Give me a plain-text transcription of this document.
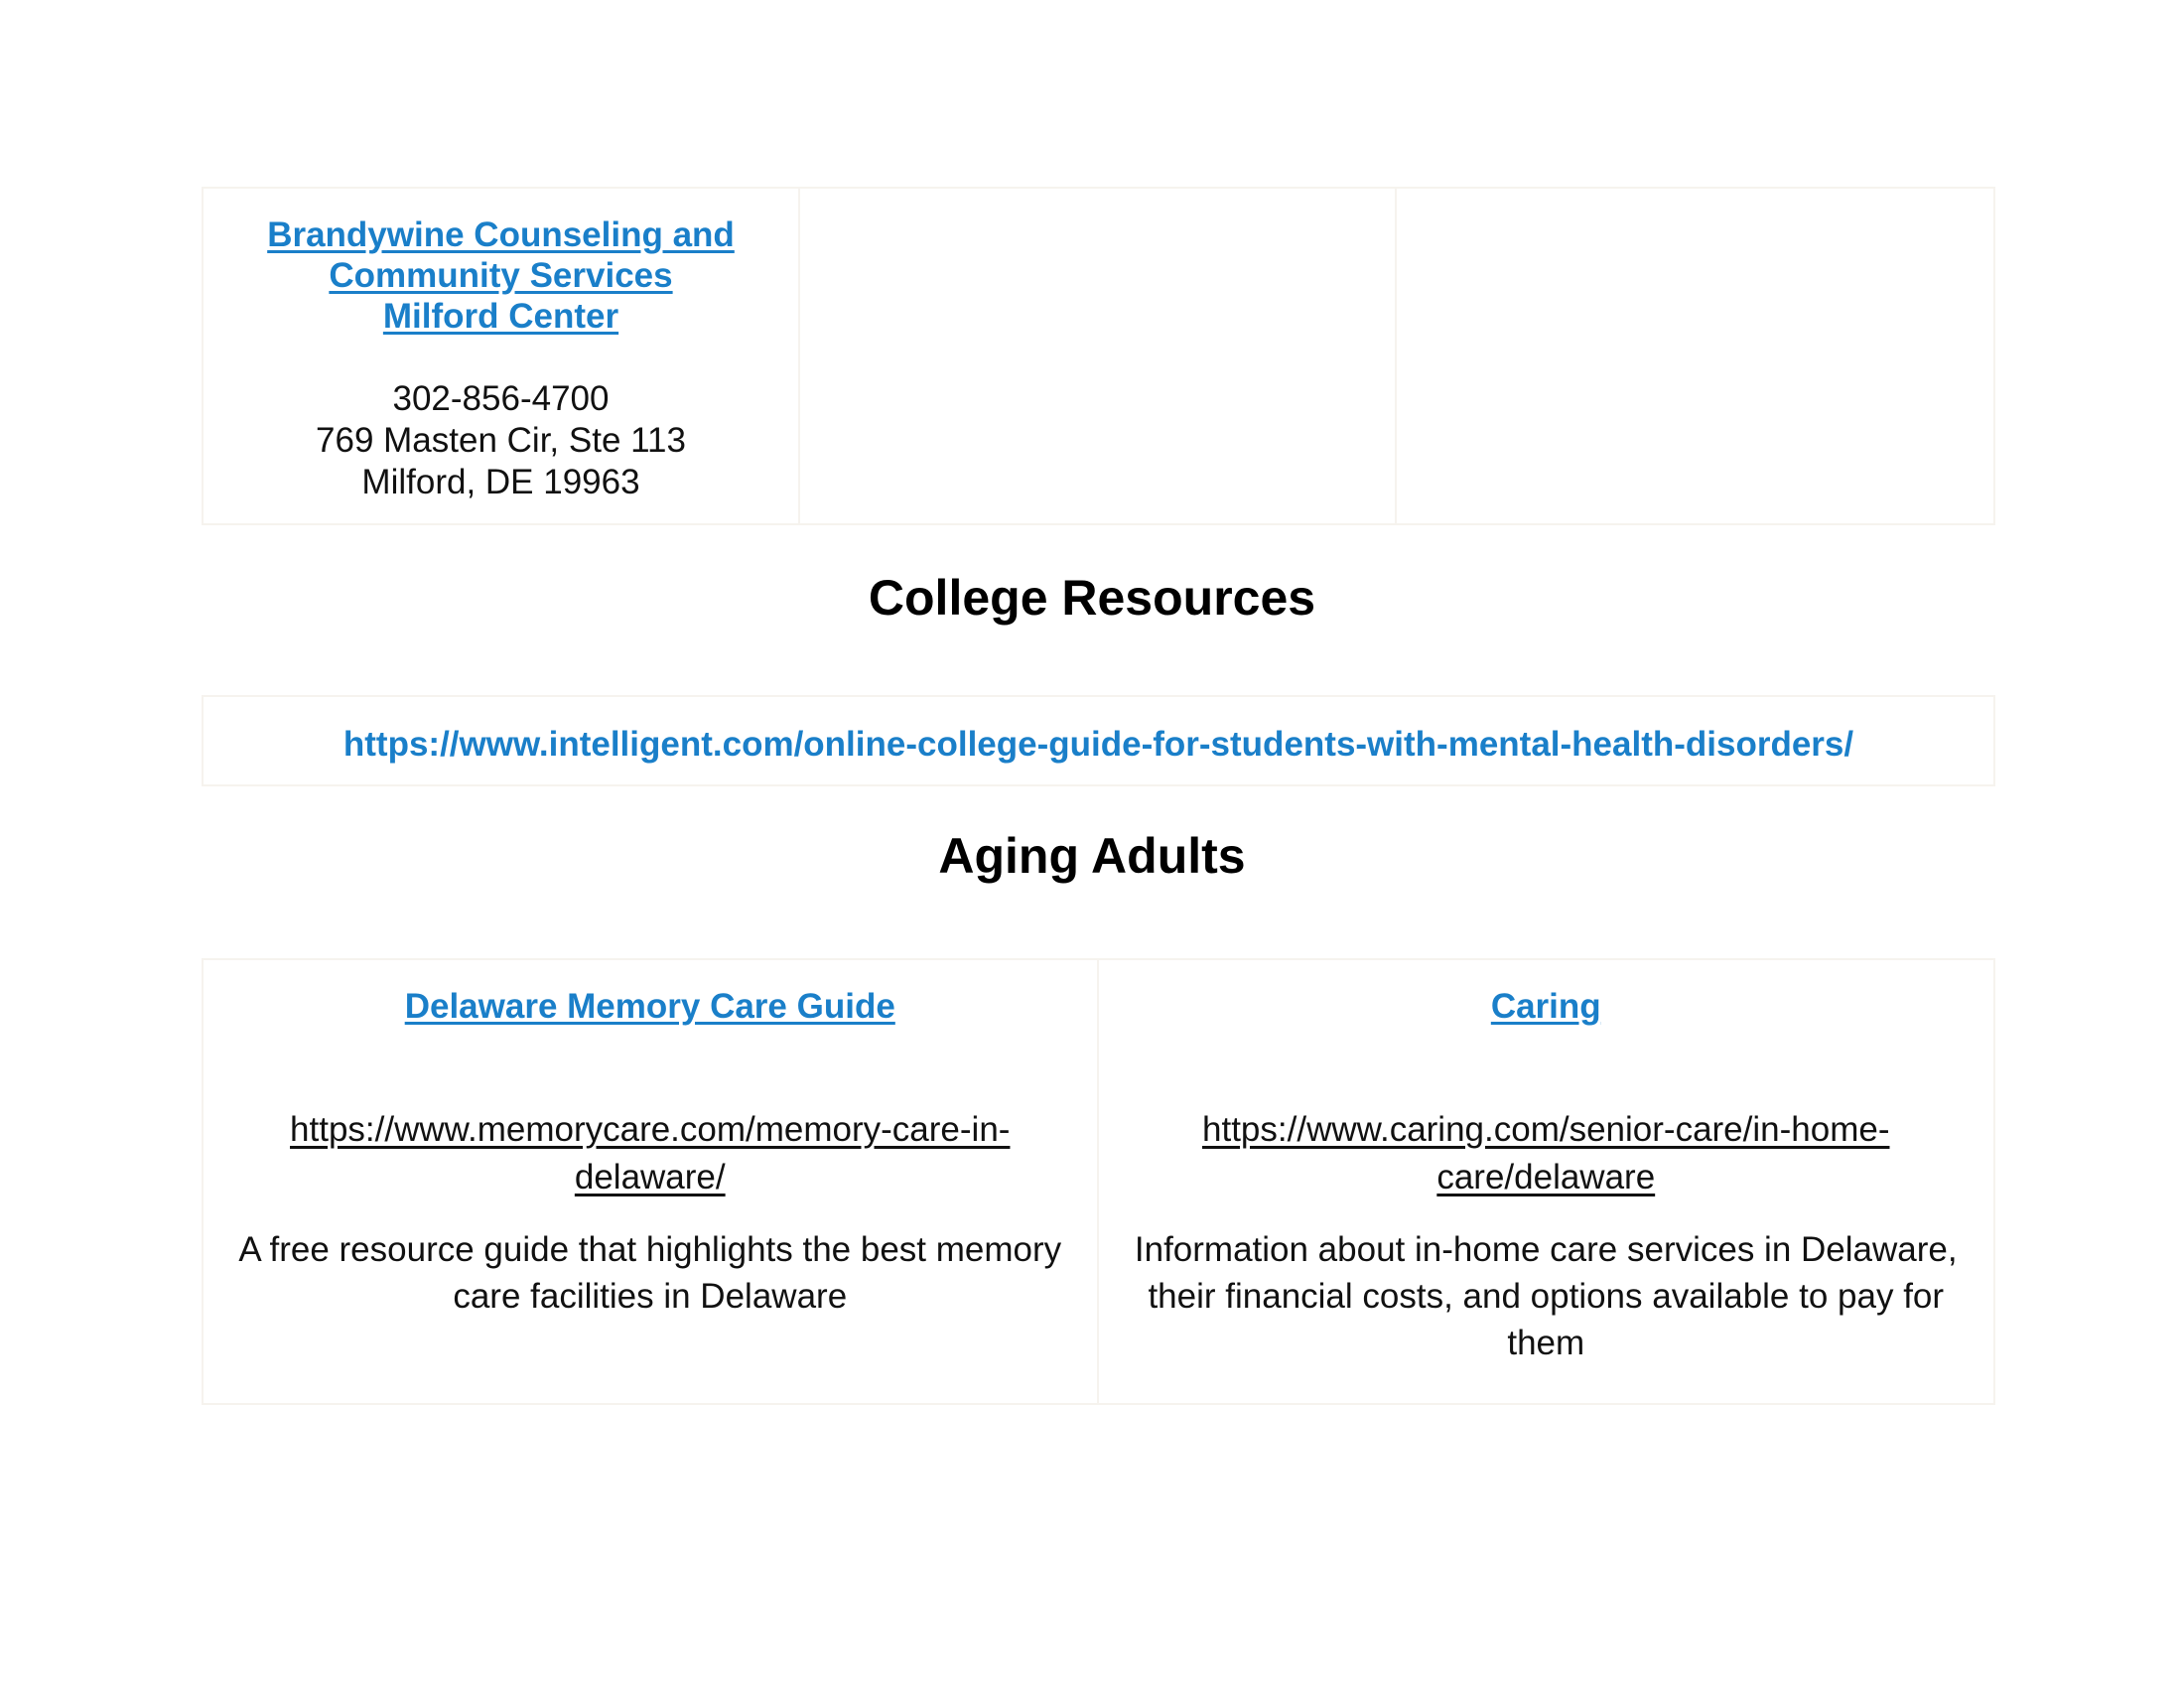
Brandywine Counseling and
Community Services
Milford Center
302-856-4700
769 Masten Cir, Ste 113
Milford, DE 19963
College Resources
https://www.intelligent.com/online-college-guide-for-students-with-mental-health-disorders/
Aging Adults
Delaware Memory Care Guide
https://www.memorycare.com/memory-care-in-delaware/
A free resource guide that highlights the best memory care facilities in Delaware
Caring
https://www.caring.com/senior-care/in-home-care/delaware
Information about in-home care services in Delaware, their financial costs, and options available to pay for them
